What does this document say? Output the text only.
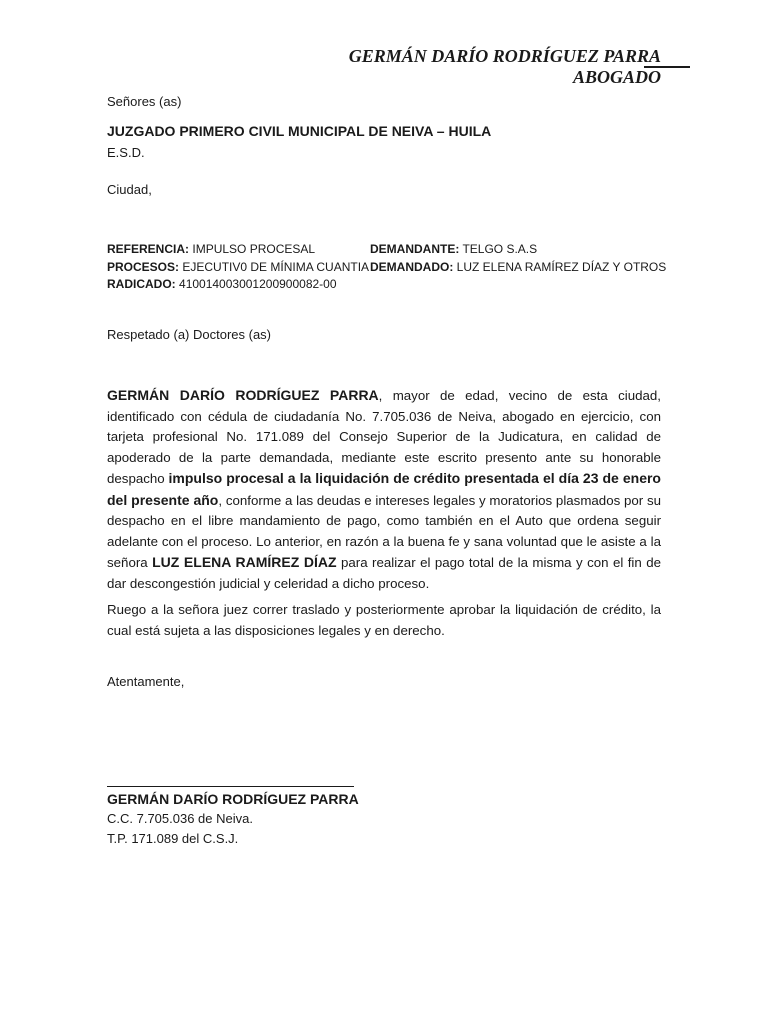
GERMÁN DARÍO RODRÍGUEZ PARRA
ABOGADO
Señores (as)
JUZGADO PRIMERO CIVIL MUNICIPAL DE NEIVA – HUILA
E.S.D.
Ciudad,
REFERENCIA: IMPULSO PROCESAL	DEMANDANTE: TELGO S.A.S
PROCESOS: EJECUTIV0 DE MÍNIMA CUANTIA DEMANDADO: LUZ ELENA RAMÍREZ DÍAZ Y OTROS
RADICADO: 41001400300120090008​2-00
Respetado (a) Doctores (as)
GERMÁN DARÍO RODRÍGUEZ PARRA, mayor de edad, vecino de esta ciudad, identificado con cédula de ciudadanía No. 7.705.036 de Neiva, abogado en ejercicio, con tarjeta profesional No. 171.089 del Consejo Superior de la Judicatura, en calidad de apoderado de la parte demandada, mediante este escrito presento ante su honorable despacho impulso procesal a la liquidación de crédito presentada el día 23 de enero del presente año, conforme a las deudas e intereses legales y moratorios plasmados por su despacho en el libre mandamiento de pago, como también en el Auto que ordena seguir adelante con el proceso. Lo anterior, en razón a la buena fe y sana voluntad que le asiste a la señora LUZ ELENA RAMÍREZ DÍAZ para realizar el pago total de la misma y con el fin de dar descongestión judicial y celeridad a dicho proceso.
Ruego a la señora juez correr traslado y posteriormente aprobar la liquidación de crédito, la cual está sujeta a las disposiciones legales y en derecho.
Atentamente,
GERMÁN DARÍO RODRÍGUEZ PARRA
C.C. 7.705.036 de Neiva.
T.P. 171.089 del C.S.J.
